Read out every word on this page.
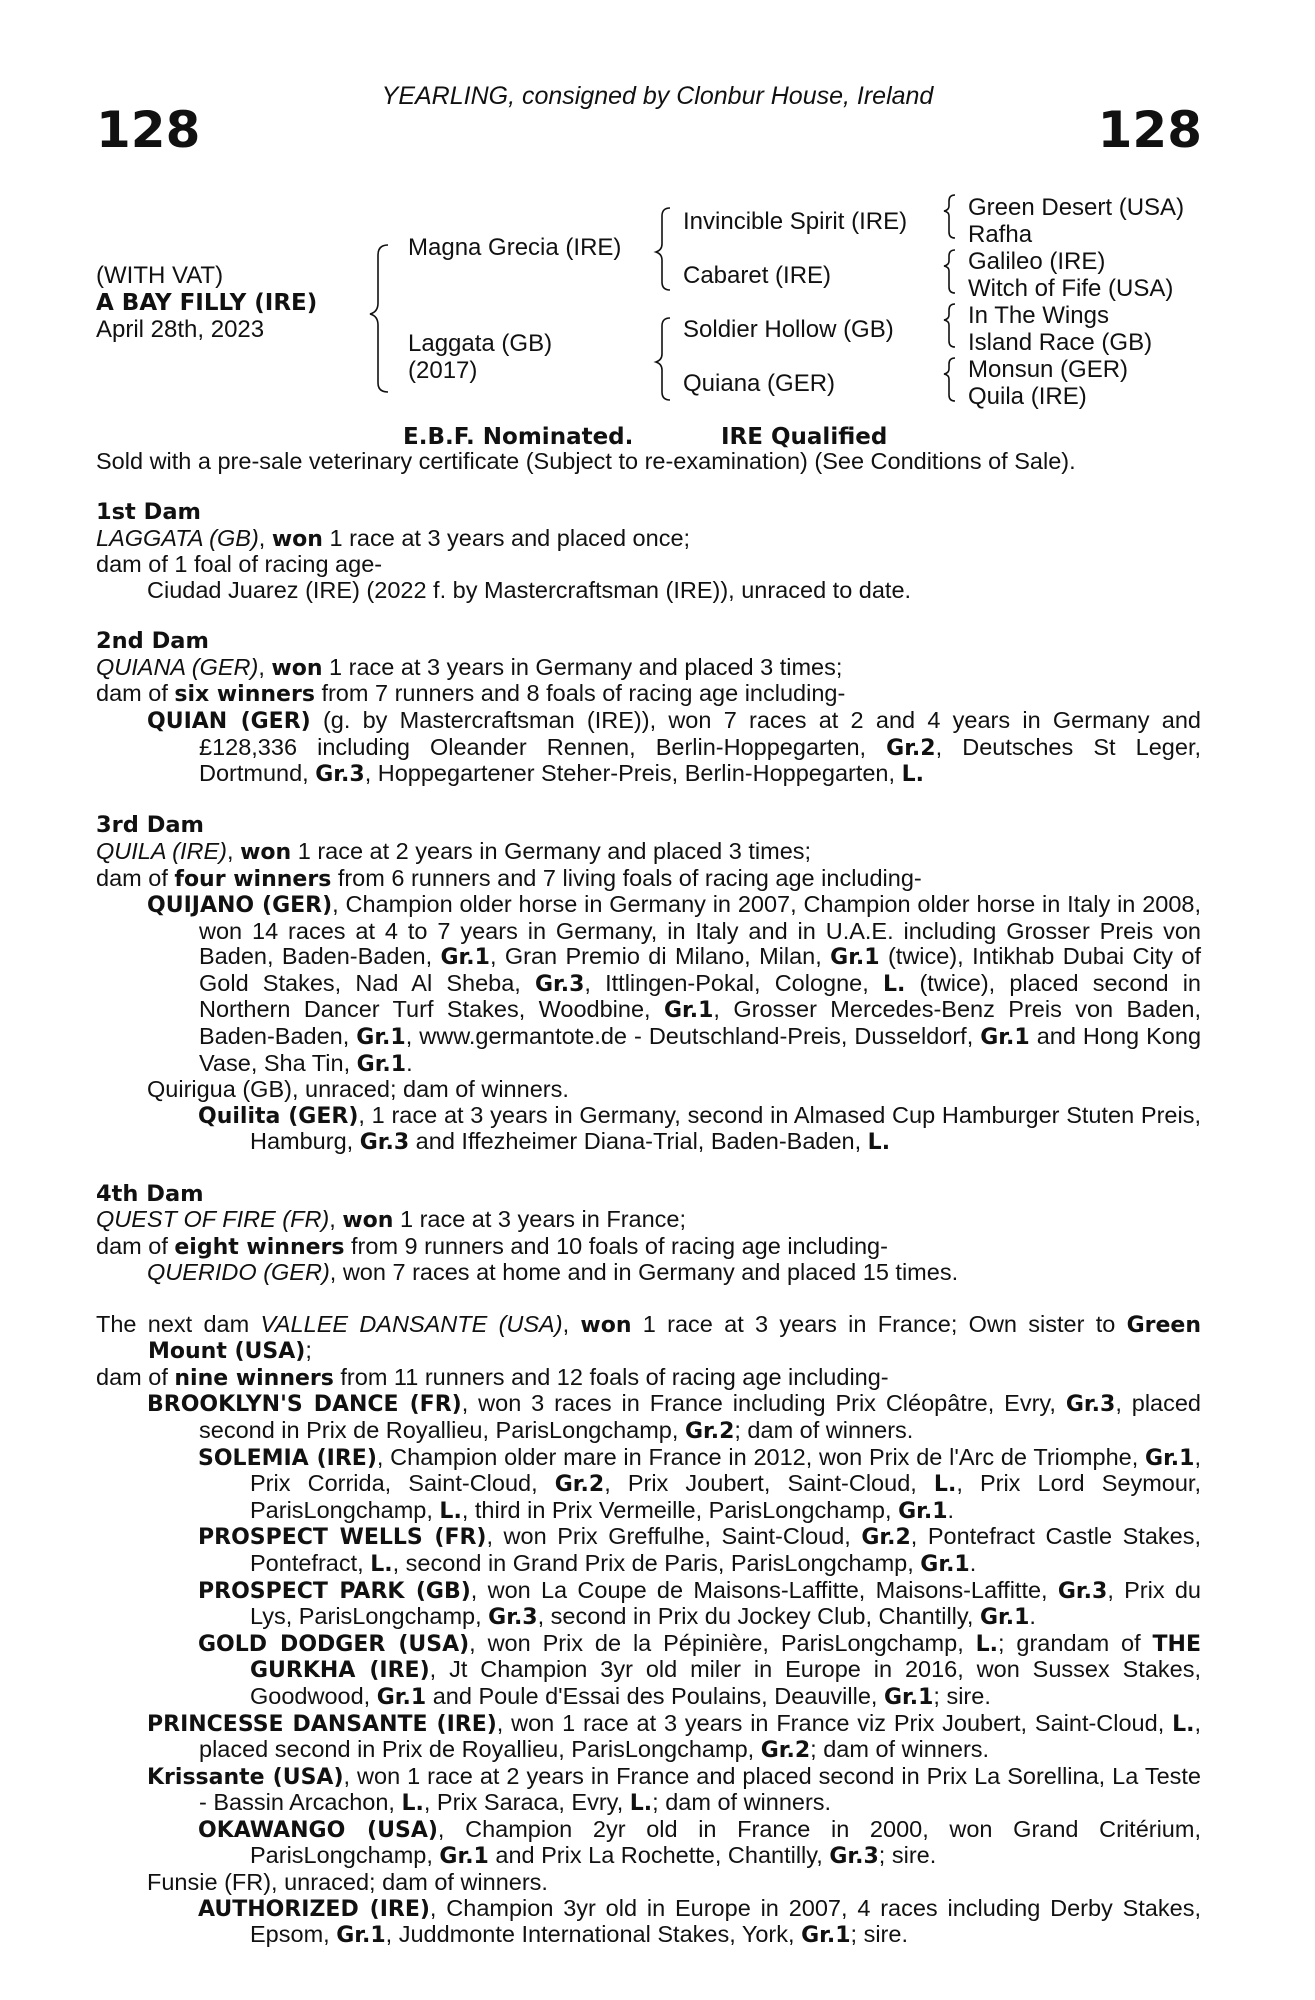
128
YEARLING, consigned by Clonbur House, Ireland
128
(WITH VAT)
A BAY FILLY (IRE)
April 28th, 2023
Magna Grecia (IRE)
Laggata (GB)
(2017)
Invincible Spirit (IRE)
Cabaret (IRE)
Soldier Hollow (GB)
Quiana (GER)
Green Desert (USA)
Rafha
Galileo (IRE)
Witch of Fife (USA)
In The Wings
Island Race (GB)
Monsun (GER)
Quila (IRE)
E.B.F. Nominated.	IRE Qualified

Sold with a pre-sale veterinary certificate (Subject to re-examination) (See Conditions of Sale).

1st Dam

LAGGATA (GB), won 1 race at 3 years and placed once;

dam of 1 foal of racing age-

Ciudad Juarez (IRE) (2022 f. by Mastercraftsman (IRE)), unraced to date.

2nd Dam

QUIANA (GER), won 1 race at 3 years in Germany and placed 3 times;

dam of six winners from 7 runners and 8 foals of racing age including-

QUIAN (GER) (g. by Mastercraftsman (IRE)), won 7 races at 2 and 4 years in Germany and £128,336 including Oleander Rennen, Berlin-Hoppegarten, Gr.2, Deutsches St Leger, Dortmund, Gr.3, Hoppegartener Steher-Preis, Berlin-Hoppegarten, L.

3rd Dam

QUILA (IRE), won 1 race at 2 years in Germany and placed 3 times;

dam of four winners from 6 runners and 7 living foals of racing age including-

QUIJANO (GER), Champion older horse in Germany in 2007, Champion older horse in Italy in 2008, won 14 races at 4 to 7 years in Germany, in Italy and in U.A.E. including Grosser Preis von Baden, Baden-Baden, Gr.1, Gran Premio di Milano, Milan, Gr.1 (twice), Intikhab Dubai City of Gold Stakes, Nad Al Sheba, Gr.3, Ittlingen-Pokal, Cologne, L. (twice), placed second in Northern Dancer Turf Stakes, Woodbine, Gr.1, Grosser Mercedes-Benz Preis von Baden, Baden-Baden, Gr.1, www.germantote.de - Deutschland-Preis, Dusseldorf, Gr.1 and Hong Kong Vase, Sha Tin, Gr.1.

Quirigua (GB), unraced; dam of winners.

Quilita (GER), 1 race at 3 years in Germany, second in Almased Cup Hamburger Stuten Preis, Hamburg, Gr.3 and Iffezheimer Diana-Trial, Baden-Baden, L.

4th Dam

QUEST OF FIRE (FR), won 1 race at 3 years in France;

dam of eight winners from 9 runners and 10 foals of racing age including-

QUERIDO (GER), won 7 races at home and in Germany and placed 15 times.

The next dam VALLEE DANSANTE (USA), won 1 race at 3 years in France; Own sister to Green Mount (USA);

dam of nine winners from 11 runners and 12 foals of racing age including-

BROOKLYN'S DANCE (FR), won 3 races in France including Prix Cléopâtre, Evry, Gr.3, placed second in Prix de Royallieu, ParisLongchamp, Gr.2; dam of winners.

SOLEMIA (IRE), Champion older mare in France in 2012, won Prix de l'Arc de Triomphe, Gr.1, Prix Corrida, Saint-Cloud, Gr.2, Prix Joubert, Saint-Cloud, L., Prix Lord Seymour, ParisLongchamp, L., third in Prix Vermeille, ParisLongchamp, Gr.1.

PROSPECT WELLS (FR), won Prix Greffulhe, Saint-Cloud, Gr.2, Pontefract Castle Stakes, Pontefract, L., second in Grand Prix de Paris, ParisLongchamp, Gr.1.

PROSPECT PARK (GB), won La Coupe de Maisons-Laffitte, Maisons-Laffitte, Gr.3, Prix du Lys, ParisLongchamp, Gr.3, second in Prix du Jockey Club, Chantilly, Gr.1.

GOLD DODGER (USA), won Prix de la Pépinière, ParisLongchamp, L.; grandam of THE GURKHA (IRE), Jt Champion 3yr old miler in Europe in 2016, won Sussex Stakes, Goodwood, Gr.1 and Poule d'Essai des Poulains, Deauville, Gr.1; sire.

PRINCESSE DANSANTE (IRE), won 1 race at 3 years in France viz Prix Joubert, Saint-Cloud, L., placed second in Prix de Royallieu, ParisLongchamp, Gr.2; dam of winners.

Krissante (USA), won 1 race at 2 years in France and placed second in Prix La Sorellina, La Teste - Bassin Arcachon, L., Prix Saraca, Evry, L.; dam of winners.

OKAWANGO (USA), Champion 2yr old in France in 2000, won Grand Critérium, ParisLongchamp, Gr.1 and Prix La Rochette, Chantilly, Gr.3; sire.

Funsie (FR), unraced; dam of winners.

AUTHORIZED (IRE), Champion 3yr old in Europe in 2007, 4 races including Derby Stakes, Epsom, Gr.1, Juddmonte International Stakes, York, Gr.1; sire.
